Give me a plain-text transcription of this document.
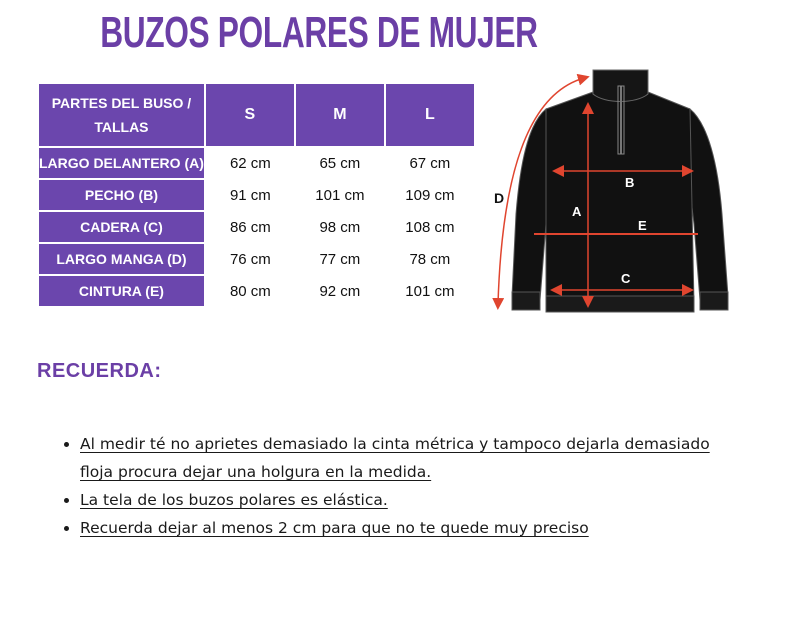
BUZOS POLARES DE MUJER
PARTES DEL BUSO / TALLAS	S	M	L
LARGO DELANTERO (A)	62 cm	65 cm	67 cm
PECHO (B)	91 cm	101 cm	109 cm
CADERA (C)	86 cm	98 cm	108 cm
LARGO MANGA (D)	76 cm	77 cm	78 cm
CINTURA (E)	80 cm	92 cm	101 cm
B
E
C
A
D
RECUERDA:
• Al medir té no aprietes demasiado la cinta métrica y tampoco dejarla demasiado floja procura dejar una holgura en la medida.
• La tela de los buzos polares es elástica.
• Recuerda dejar al menos 2 cm para que no te quede muy preciso
